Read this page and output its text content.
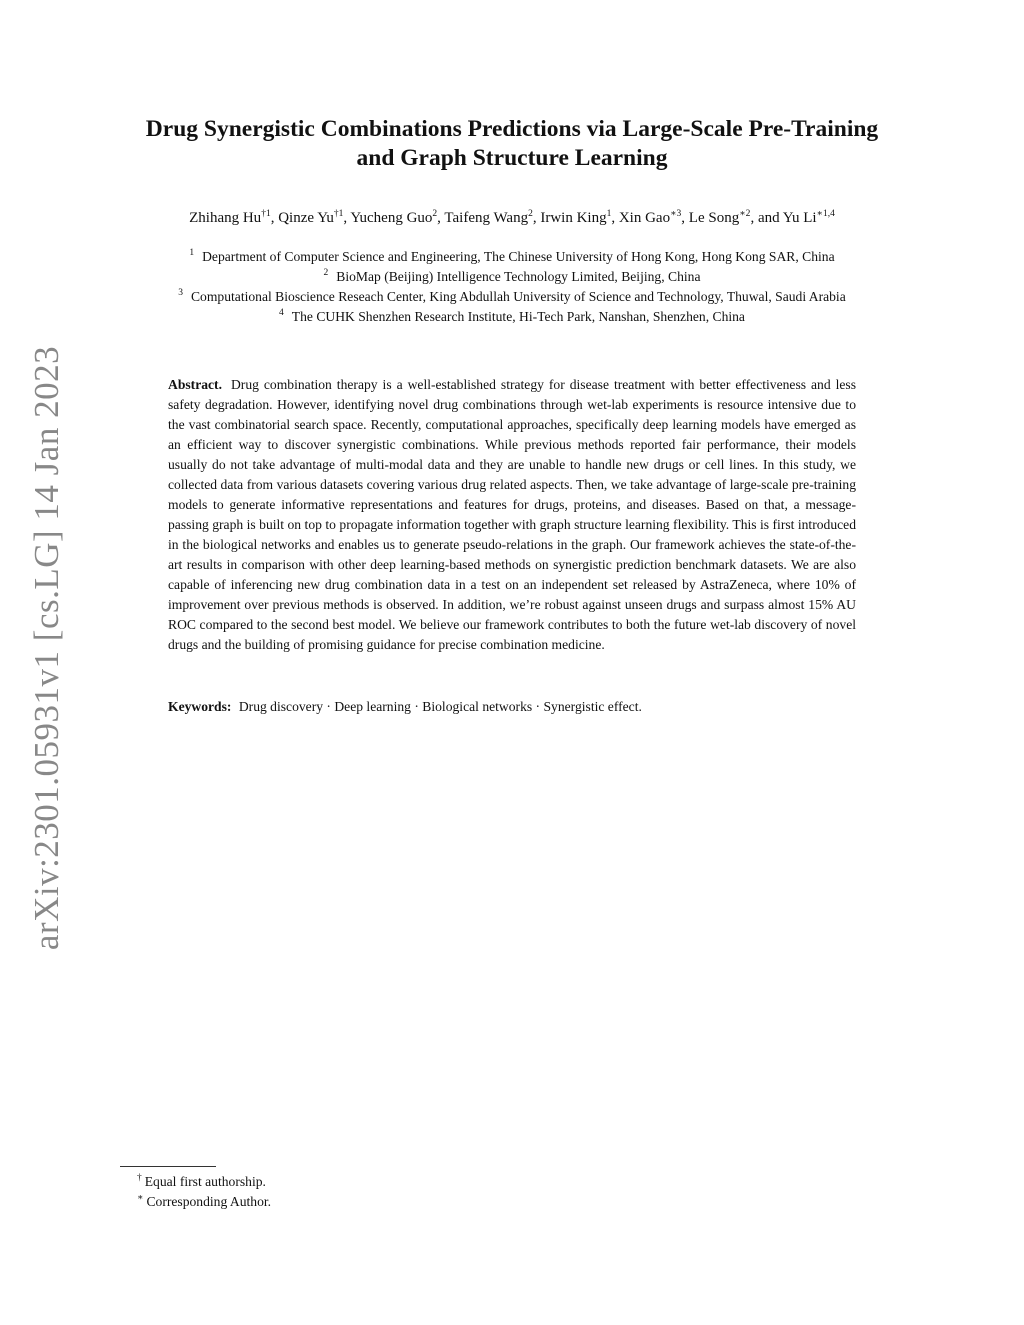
arXiv:2301.05931v1 [cs.LG] 14 Jan 2023
Drug Synergistic Combinations Predictions via Large-Scale Pre-Training
and Graph Structure Learning
Zhihang Hu$^{\dagger 1}$, Qinze Yu$^{\dagger 1}$, Yucheng Guo$^2$, Taifeng Wang$^2$, Irwin King$^1$, Xin Gao$^{∗3}$, Le Song$^{∗2}$, and Yu $Li^{∗1,4}$
$^1$ Department of Computer Science and Engineering, The Chinese University of Hong Kong, Hong Kong SAR, China
$^2$ BioMap (Beijing) Intelligence Technology Limited, Beijing, China
$^3$ Computational Bioscience Reseach Center, King Abdullah University of Science and Technology, Thuwal, Saudi Arabia
$^4$ The CUHK Shenzhen Research Institute, Hi-Tech Park, Nanshan, Shenzhen, China
Abstract. Drug combination therapy is a well-established strategy for disease treatment with better effectiveness and less safety degradation. However, identifying novel drug combinations through wet-lab experiments is resource intensive due to the vast combinatorial search space. Recently, computational approaches, specifically deep learning models have emerged as an efficient way to discover synergistic combinations. While previous methods reported fair performance, their models usually do not take advantage of multi-modal data and they are unable to handle new drugs or cell lines. In this study, we collected data from various datasets covering various drug related aspects. Then, we take advantage of large-scale pre-training models to generate informative representations and features for drugs, proteins, and diseases. Based on that, a message-passing graph is built on top to propagate information together with graph structure learning flexibility. This is first introduced in the biological networks and enables us to generate pseudo-relations in the graph. Our framework achieves the state-of-the-art results in comparison with other deep learning-based methods on synergistic prediction benchmark datasets. We are also capable of inferencing new drug combination data in a test on an independent set released by AstraZeneca, where 10% of improvement over previous methods is observed. In addition, we’re robust against unseen drugs and surpass almost 15% AU ROC compared to the second best model. We believe our framework contributes to both the future wet-lab discovery of novel drugs and the building of promising guidance for precise combination medicine.
Keywords: Drug discovery · Deep learning · Biological networks · Synergistic effect.
† Equal first authorship.
∗ Corresponding Author.
